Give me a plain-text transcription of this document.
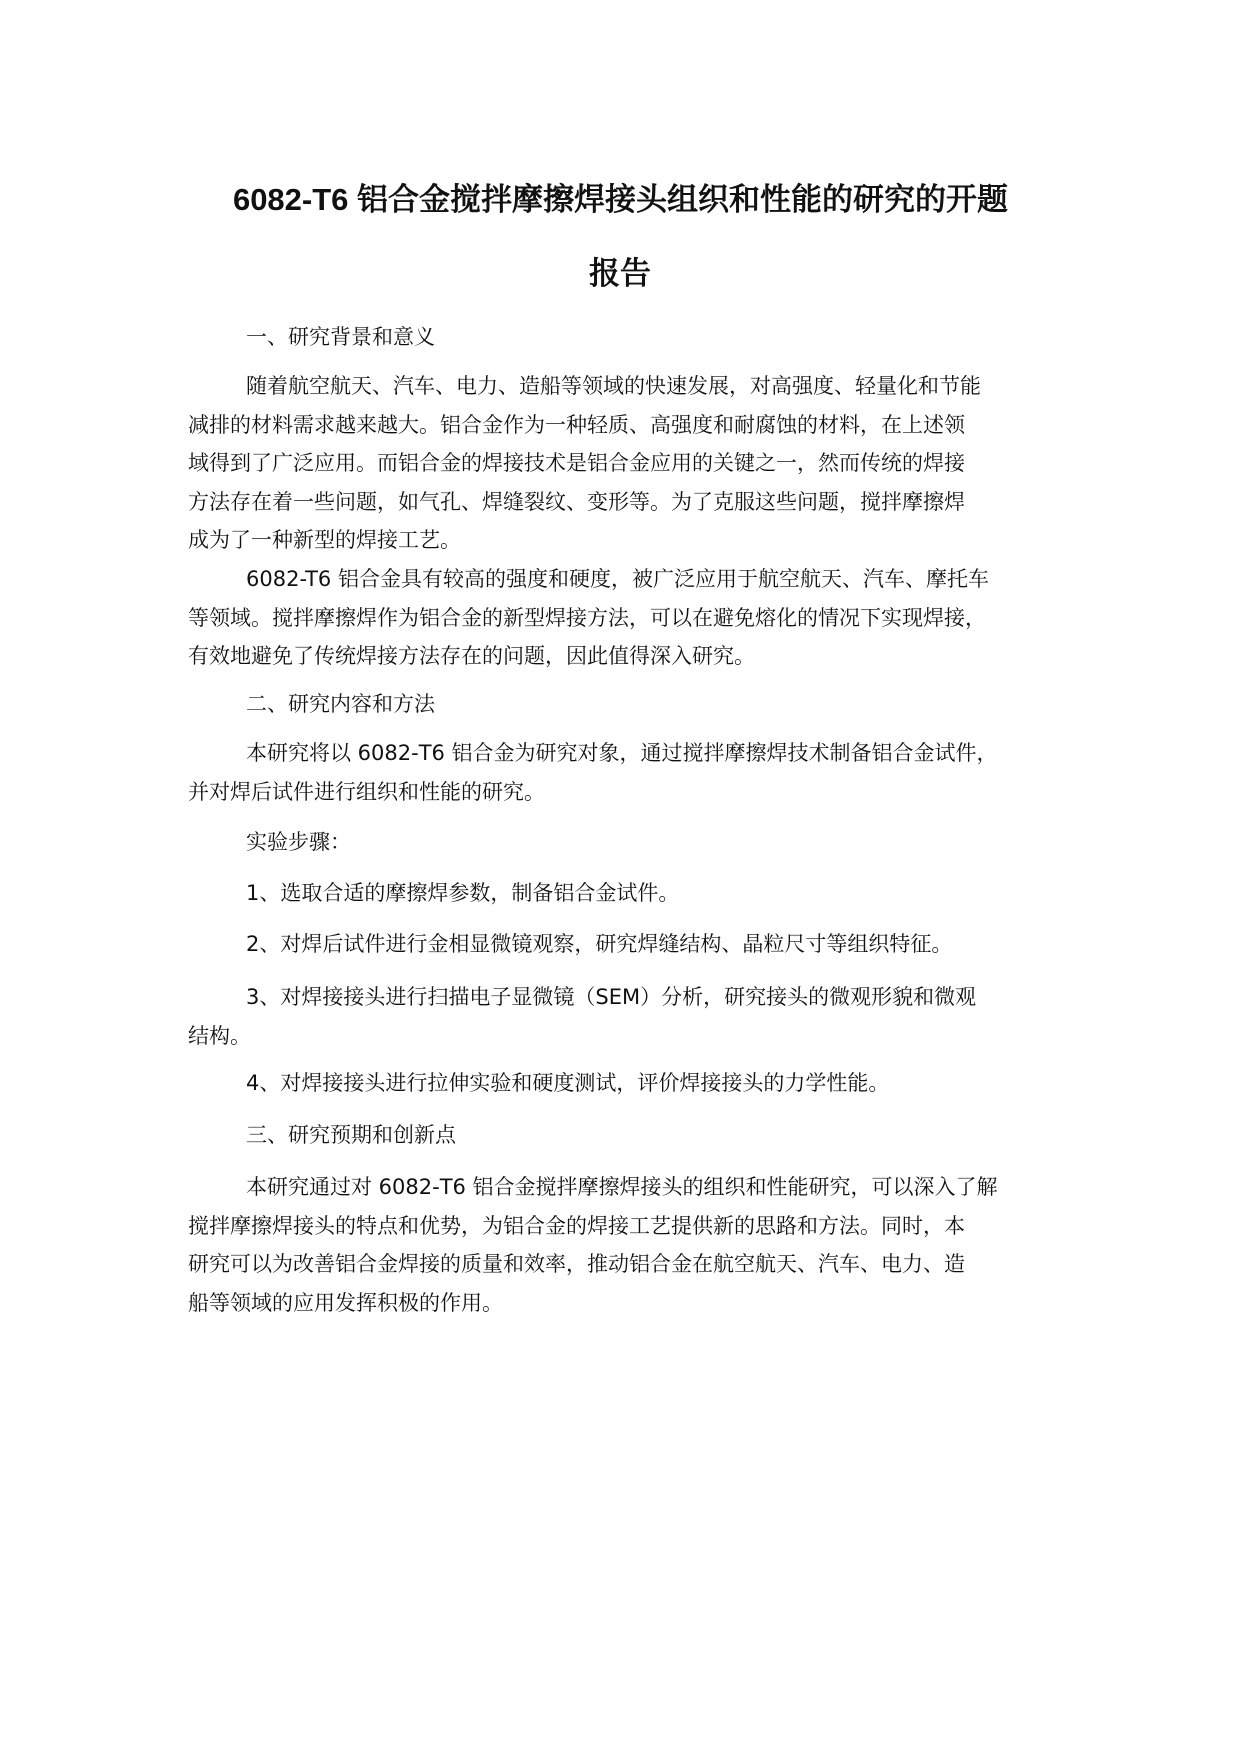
6082-T6 铝合金搅拌摩擦焊接头组织和性能的研究的开题
报告
一、研究背景和意义
随着航空航天、汽车、电力、造船等领域的快速发展，对高强度、轻量化和节能
减排的材料需求越来越大。铝合金作为一种轻质、高强度和耐腐蚀的材料，在上述领
域得到了广泛应用。而铝合金的焊接技术是铝合金应用的关键之一，然而传统的焊接
方法存在着一些问题，如气孔、焊缝裂纹、变形等。为了克服这些问题，搅拌摩擦焊
成为了一种新型的焊接工艺。
6082-T6 铝合金具有较高的强度和硬度，被广泛应用于航空航天、汽车、摩托车
等领域。搅拌摩擦焊作为铝合金的新型焊接方法，可以在避免熔化的情况下实现焊接，
有效地避免了传统焊接方法存在的问题，因此值得深入研究。
二、研究内容和方法
本研究将以 6082-T6 铝合金为研究对象，通过搅拌摩擦焊技术制备铝合金试件，
并对焊后试件进行组织和性能的研究。
实验步骤：
1、选取合适的摩擦焊参数，制备铝合金试件。
2、对焊后试件进行金相显微镜观察，研究焊缝结构、晶粒尺寸等组织特征。
3、对焊接接头进行扫描电子显微镜（SEM）分析，研究接头的微观形貌和微观
结构。
4、对焊接接头进行拉伸实验和硬度测试，评价焊接接头的力学性能。
三、研究预期和创新点
本研究通过对 6082-T6 铝合金搅拌摩擦焊接头的组织和性能研究，可以深入了解
搅拌摩擦焊接头的特点和优势，为铝合金的焊接工艺提供新的思路和方法。同时，本
研究可以为改善铝合金焊接的质量和效率，推动铝合金在航空航天、汽车、电力、造
船等领域的应用发挥积极的作用。
